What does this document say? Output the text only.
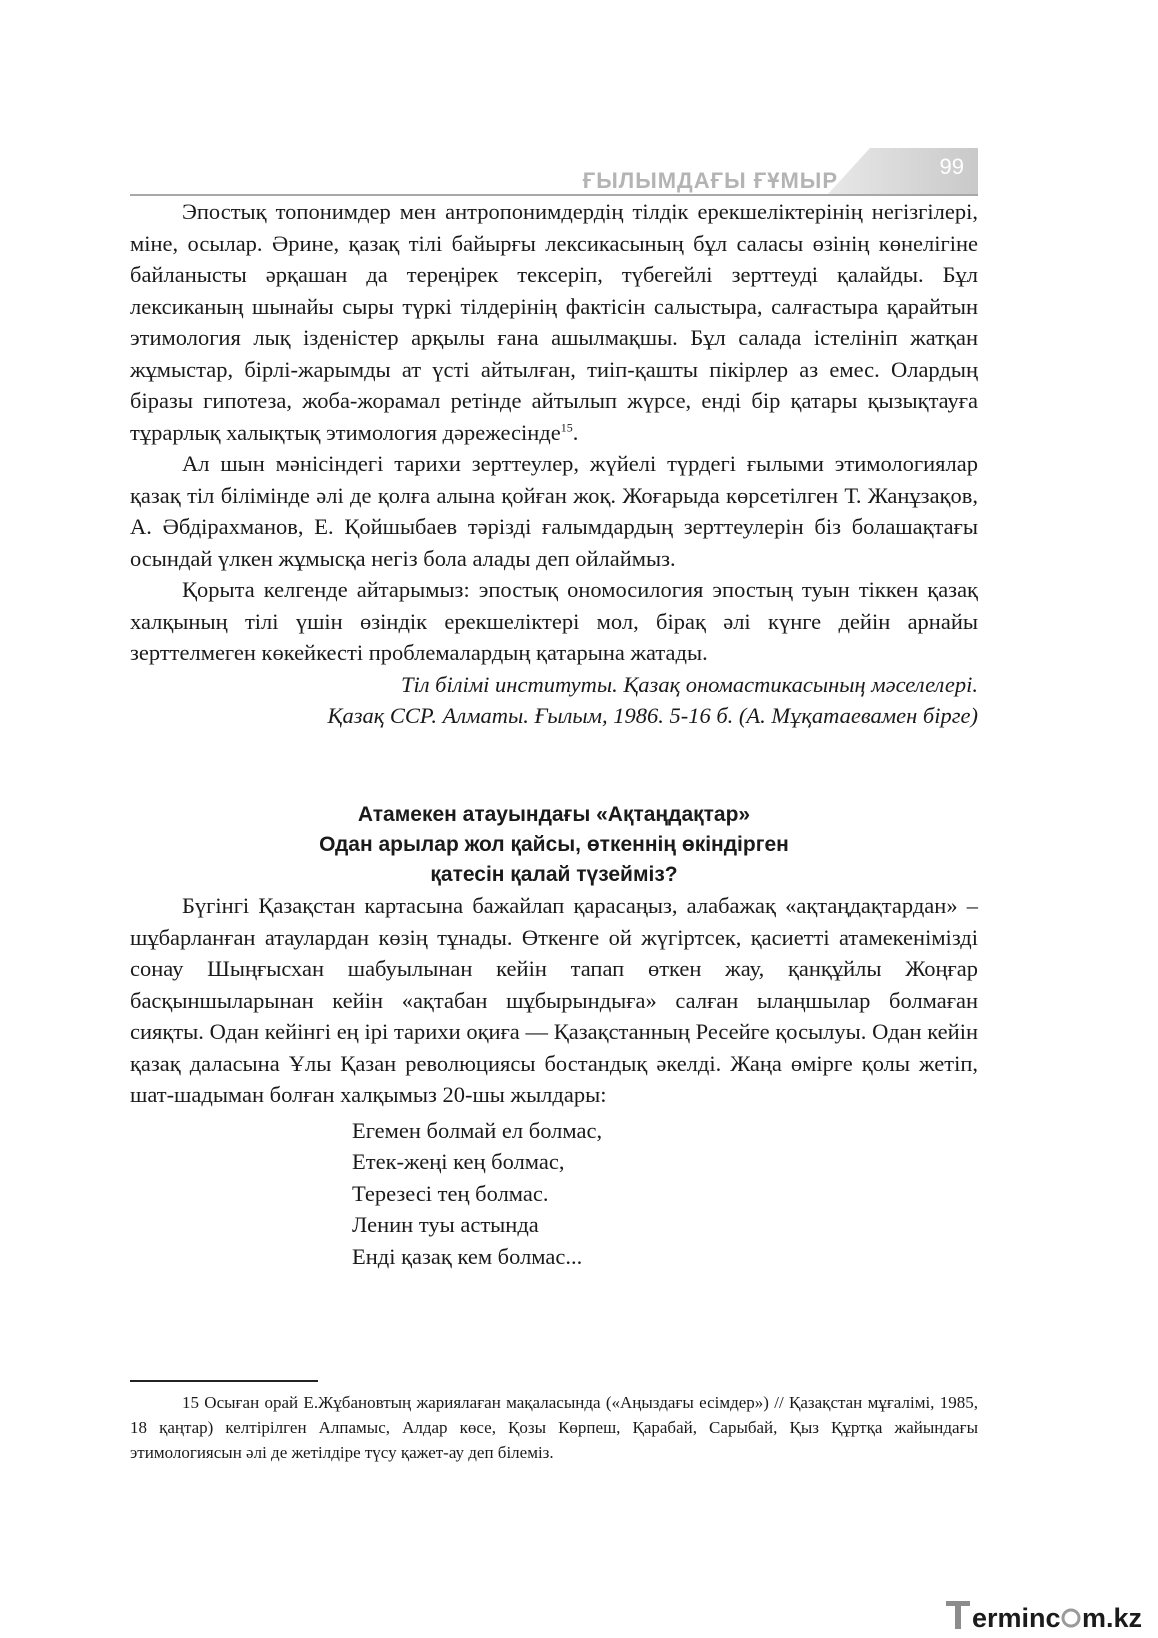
ҒЫЛЫМДАҒЫ ҒҰМЫР
99

Эпостық топонимдер мен антропонимдердің тілдік ерекшеліктерінің негізгілері, міне, осылар. Әрине, қазақ тілі байырғы лексикасының бұл саласы өзінің көнелігіне байланысты әрқашан да тереңірек тексеріп, түбегейлі зерттеуді қалайды. Бұл лексиканың шынайы сыры түркі тілдерінің фактісін салыстыра, салғастыра қарайтын этимология лық ізденістер арқылы ғана ашылмақшы. Бұл салада істелініп жатқан жұмыстар, бірлі-жарымды ат үсті айтылған, тиіп-қашты пікірлер аз емес. Олардың біразы гипотеза, жоба-жорамал ретінде айтылып жүрсе, енді бір қатары қызықтауға тұрарлық халықтық этимология дәрежесінде$^{15}$.

Ал шын мәнісіндегі тарихи зерттеулер, жүйелі түрдегі ғылыми этимологиялар қазақ тіл білімінде әлі де қолға алына қойған жоқ. Жоғарыда көрсетілген Т. Жанұзақов, А. Әбдірахманов, Е. Қойшыбаев тәрізді ғалымдардың зерттеулерін біз болашақтағы осындай үлкен жұмысқа негіз бола алады деп ойлаймыз.

Қорыта келгенде айтарымыз: эпостық ономосилогия эпостың туын тіккен қазақ халқының тілі үшін өзіндік ерекшеліктері мол, бірақ әлі күнге дейін арнайы зерттелмеген көкейкесті проблемалардың қатарына жатады.

Тіл білімі институты. Қазақ ономастикасының мәселелері.

Қазақ ССР. Алматы. Ғылым, 1986. 5-16 б. (А. Мұқатаевамен бірге)

Атамекен атауындағы «Ақтаңдақтар»

Одан арылар жол қайсы, өткеннің өкіндірген

қатесін қалай түзейміз?

Бүгінгі Қазақстан картасына бажайлап қарасаңыз, алабажақ «ақтаңдақтардан» – шұбарланған атаулардан көзің тұнады. Өткенге ой жүгіртсек, қасиетті атамекенімізді сонау Шыңғысхан шабуылынан кейін тапап өткен жау, қанқұйлы Жоңғар басқыншыларынан кейін «ақтабан шұбырындыға» салған ылаңшылар болмаған сияқты. Одан кейінгі ең ірі тарихи оқиға — Қазақстанның Ресейге қосылуы. Одан кейін қазақ даласына Ұлы Қазан революциясы бостандық әкелді. Жаңа өмірге қолы жетіп, шат-шадыман болған халқымыз 20-шы жылдары:

Егемен болмай ел болмас,

Етек-жеңі кең болмас,

Терезесі тең болмас.

Ленин туы астында

Енді қазақ кем болмас...

15 Осыған орай Е.Жұбановтың жариялаған мақаласында («Аңыздағы есімдер») // Қазақстан мұғалімі, 1985, 18 қаңтар) келтірілген Алпамыс, Алдар көсе, Қозы Көрпеш, Қарабай, Сарыбай, Қыз Құртқа жайындағы этимологиясын әлі де жетілдіре түсу қажет-ау деп білеміз.

erminc m.kz
